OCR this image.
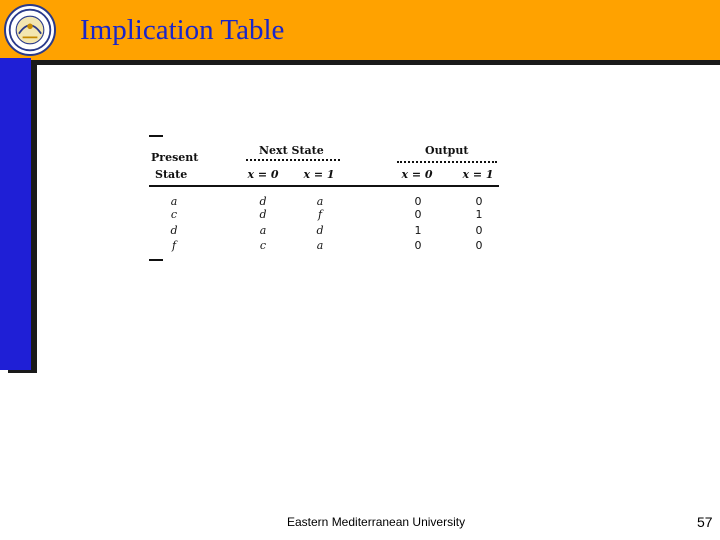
Implication Table
Present
State
Next State	Output
x = 0	x = 1	x = 0	x = 1
a	d	a	0	0
c	d	f	0	1
d	a	d	1	0
f	c	a	0	0
Eastern Mediterranean University	57
